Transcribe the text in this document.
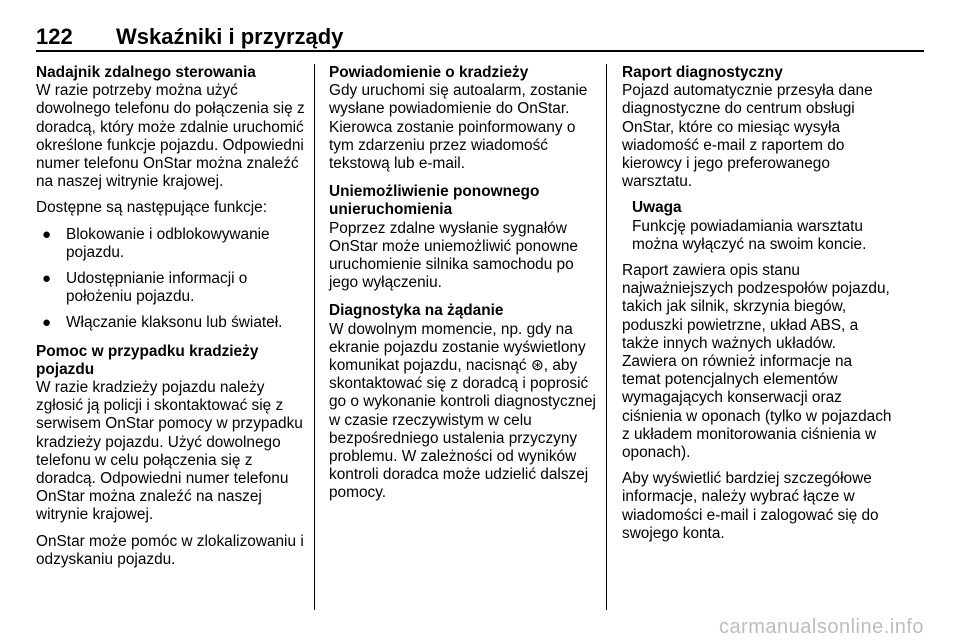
122 Wskaźniki i przyrządy

Nadajnik zdalnego sterowania

W razie potrzeby można użyć dowolnego telefonu do połączenia się z doradcą, który może zdalnie uruchomić określone funkcje pojazdu. Odpowiedni numer telefonu OnStar można znaleźć na naszej witrynie krajowej.

Dostępne są następujące funkcje:

● Blokowanie i odblokowywanie pojazdu.
● Udostępnianie informacji o położeniu pojazdu.
● Włączanie klaksonu lub świateł.

Pomoc w przypadku kradzieży pojazdu

W razie kradzieży pojazdu należy zgłosić ją policji i skontaktować się z serwisem OnStar pomocy w przypadku kradzieży pojazdu. Użyć dowolnego telefonu w celu połączenia się z doradcą. Odpowiedni numer telefonu OnStar można znaleźć na naszej witrynie krajowej.

OnStar może pomóc w zlokalizowaniu i odzyskaniu pojazdu.

Powiadomienie o kradzieży

Gdy uruchomi się autoalarm, zostanie wysłane powiadomienie do OnStar. Kierowca zostanie poinformowany o tym zdarzeniu przez wiadomość tekstową lub e-mail.

Uniemożliwienie ponownego unieruchomienia

Poprzez zdalne wysłanie sygnałów OnStar może uniemożliwić ponowne uruchomienie silnika samochodu po jego wyłączeniu.

Diagnostyka na żądanie

W dowolnym momencie, np. gdy na ekranie pojazdu zostanie wyświetlony komunikat pojazdu, nacisnąć ⊛, aby skontaktować się z doradcą i poprosić go o wykonanie kontroli diagnostycznej w czasie rzeczywistym w celu bezpośredniego ustalenia przyczyny problemu. W zależności od wyników kontroli doradca może udzielić dalszej pomocy.

Raport diagnostyczny

Pojazd automatycznie przesyła dane diagnostyczne do centrum obsługi OnStar, które co miesiąc wysyła wiadomość e-mail z raportem do kierowcy i jego preferowanego warsztatu.

Uwaga

Funkcję powiadamiania warsztatu można wyłączyć na swoim koncie.

Raport zawiera opis stanu najważniejszych podzespołów pojazdu, takich jak silnik, skrzynia biegów, poduszki powietrzne, układ ABS, a także innych ważnych układów. Zawiera on również informacje na temat potencjalnych elementów wymagających konserwacji oraz ciśnienia w oponach (tylko w pojazdach z układem monitorowania ciśnienia w oponach).

Aby wyświetlić bardziej szczegółowe informacje, należy wybrać łącze w wiadomości e-mail i zalogować się do swojego konta.

carmanualsonline.info
